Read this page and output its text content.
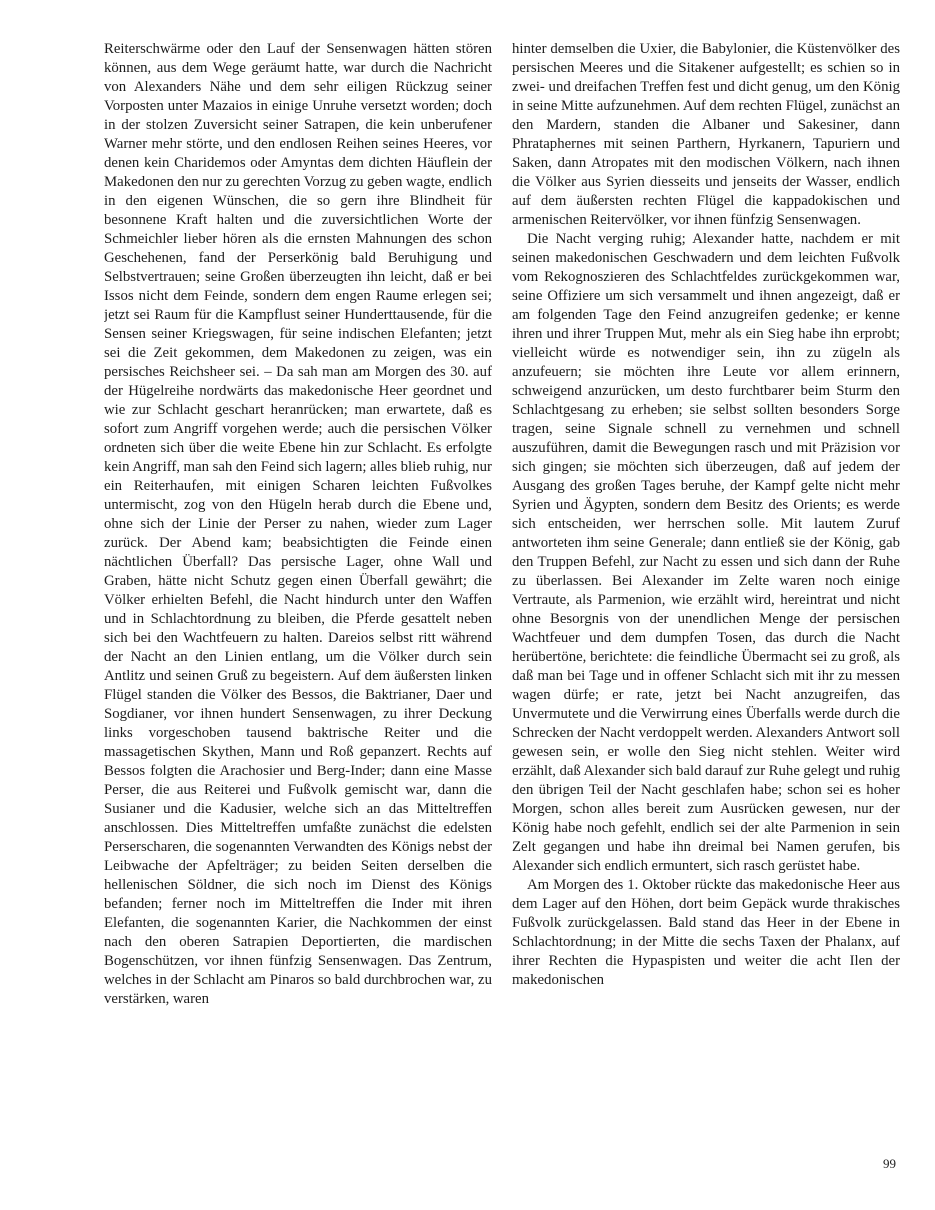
Reiterschwärme oder den Lauf der Sensenwagen hätten stören können, aus dem Wege geräumt hatte, war durch die Nachricht von Alexanders Nähe und dem sehr eiligen Rückzug seiner Vorposten unter Mazaios in einige Unruhe versetzt worden; doch in der stolzen Zuversicht seiner Satrapen, die kein unberufener Warner mehr störte, und den endlosen Reihen seines Heeres, vor denen kein Charidemos oder Amyntas dem dichten Häuflein der Makedonen den nur zu gerechten Vorzug zu geben wagte, endlich in den eigenen Wünschen, die so gern ihre Blindheit für besonnene Kraft halten und die zuversichtlichen Worte der Schmeichler lieber hören als die ernsten Mahnungen des schon Geschehenen, fand der Perserkönig bald Beruhigung und Selbstvertrauen; seine Großen überzeugten ihn leicht, daß er bei Issos nicht dem Feinde, sondern dem engen Raume erlegen sei; jetzt sei Raum für die Kampflust seiner Hunderttausende, für die Sensen seiner Kriegswagen, für seine indischen Elefanten; jetzt sei die Zeit gekommen, dem Makedonen zu zeigen, was ein persisches Reichsheer sei. – Da sah man am Morgen des 30. auf der Hügelreihe nordwärts das makedonische Heer geordnet und wie zur Schlacht geschart heranrücken; man erwartete, daß es sofort zum Angriff vorgehen werde; auch die persischen Völker ordneten sich über die weite Ebene hin zur Schlacht. Es erfolgte kein Angriff, man sah den Feind sich lagern; alles blieb ruhig, nur ein Reiterhaufen, mit einigen Scharen leichten Fußvolkes untermischt, zog von den Hügeln herab durch die Ebene und, ohne sich der Linie der Perser zu nahen, wieder zum Lager zurück. Der Abend kam; beabsichtigten die Feinde einen nächtlichen Überfall? Das persische Lager, ohne Wall und Graben, hätte nicht Schutz gegen einen Überfall gewährt; die Völker erhielten Befehl, die Nacht hindurch unter den Waffen und in Schlachtordnung zu bleiben, die Pferde gesattelt neben sich bei den Wachtfeuern zu halten. Dareios selbst ritt während der Nacht an den Linien entlang, um die Völker durch sein Antlitz und seinen Gruß zu begeistern. Auf dem äußersten linken Flügel standen die Völker des Bessos, die Baktrianer, Daer und Sogdianer, vor ihnen hundert Sensenwagen, zu ihrer Deckung links vorgeschoben tausend baktrische Reiter und die massagetischen Skythen, Mann und Roß gepanzert. Rechts auf Bessos folgten die Arachosier und Berg-Inder; dann eine Masse Perser, die aus Reiterei und Fußvolk gemischt war, dann die Susianer und die Kadusier, welche sich an das Mitteltreffen anschlossen. Dies Mitteltreffen umfaßte zunächst die edelsten Perserscharen, die sogenannten Verwandten des Königs nebst der Leibwache der Apfelträger; zu beiden Seiten derselben die hellenischen Söldner, die sich noch im Dienst des Königs befanden; ferner noch im Mitteltreffen die Inder mit ihren Elefanten, die sogenannten Karier, die Nachkommen der einst nach den oberen Satrapien Deportierten, die mardischen Bogenschützen, vor ihnen fünfzig Sensenwagen. Das Zentrum, welches in der Schlacht am Pinaros so bald durchbrochen war, zu verstärken, waren

hinter demselben die Uxier, die Babylonier, die Küstenvölker des persischen Meeres und die Sitakener aufgestellt; es schien so in zwei- und dreifachen Treffen fest und dicht genug, um den König in seine Mitte aufzunehmen. Auf dem rechten Flügel, zunächst an den Mardern, standen die Albaner und Sakesiner, dann Phrataphernes mit seinen Parthern, Hyrkanern, Tapuriern und Saken, dann Atropates mit den modischen Völkern, nach ihnen die Völker aus Syrien diesseits und jenseits der Wasser, endlich auf dem äußersten rechten Flügel die kappadokischen und armenischen Reitervölker, vor ihnen fünfzig Sensenwagen.

Die Nacht verging ruhig; Alexander hatte, nachdem er mit seinen makedonischen Geschwadern und dem leichten Fußvolk vom Rekognoszieren des Schlachtfeldes zurückgekommen war, seine Offiziere um sich versammelt und ihnen angezeigt, daß er am folgenden Tage den Feind anzugreifen gedenke; er kenne ihren und ihrer Truppen Mut, mehr als ein Sieg habe ihn erprobt; vielleicht würde es notwendiger sein, ihn zu zügeln als anzufeuern; sie möchten ihre Leute vor allem erinnern, schweigend anzurücken, um desto furchtbarer beim Sturm den Schlachtgesang zu erheben; sie selbst sollten besonders Sorge tragen, seine Signale schnell zu vernehmen und schnell auszuführen, damit die Bewegungen rasch und mit Präzision vor sich gingen; sie möchten sich überzeugen, daß auf jedem der Ausgang des großen Tages beruhe, der Kampf gelte nicht mehr Syrien und Ägypten, sondern dem Besitz des Orients; es werde sich entscheiden, wer herrschen solle. Mit lautem Zuruf antworteten ihm seine Generale; dann entließ sie der König, gab den Truppen Befehl, zur Nacht zu essen und sich dann der Ruhe zu überlassen. Bei Alexander im Zelte waren noch einige Vertraute, als Parmenion, wie erzählt wird, hereintrat und nicht ohne Besorgnis von der unendlichen Menge der persischen Wachtfeuer und dem dumpfen Tosen, das durch die Nacht herübertöne, berichtete: die feindliche Übermacht sei zu groß, als daß man bei Tage und in offener Schlacht sich mit ihr zu messen wagen dürfe; er rate, jetzt bei Nacht anzugreifen, das Unvermutete und die Verwirrung eines Überfalls werde durch die Schrecken der Nacht verdoppelt werden. Alexanders Antwort soll gewesen sein, er wolle den Sieg nicht stehlen. Weiter wird erzählt, daß Alexander sich bald darauf zur Ruhe gelegt und ruhig den übrigen Teil der Nacht geschlafen habe; schon sei es hoher Morgen, schon alles bereit zum Ausrücken gewesen, nur der König habe noch gefehlt, endlich sei der alte Parmenion in sein Zelt gegangen und habe ihn dreimal bei Namen gerufen, bis Alexander sich endlich ermuntert, sich rasch gerüstet habe.

Am Morgen des 1. Oktober rückte das makedonische Heer aus dem Lager auf den Höhen, dort beim Gepäck wurde thrakisches Fußvolk zurückgelassen. Bald stand das Heer in der Ebene in Schlachtordnung; in der Mitte die sechs Taxen der Phalanx, auf ihrer Rechten die Hypaspisten und weiter die acht Ilen der makedonischen

99
